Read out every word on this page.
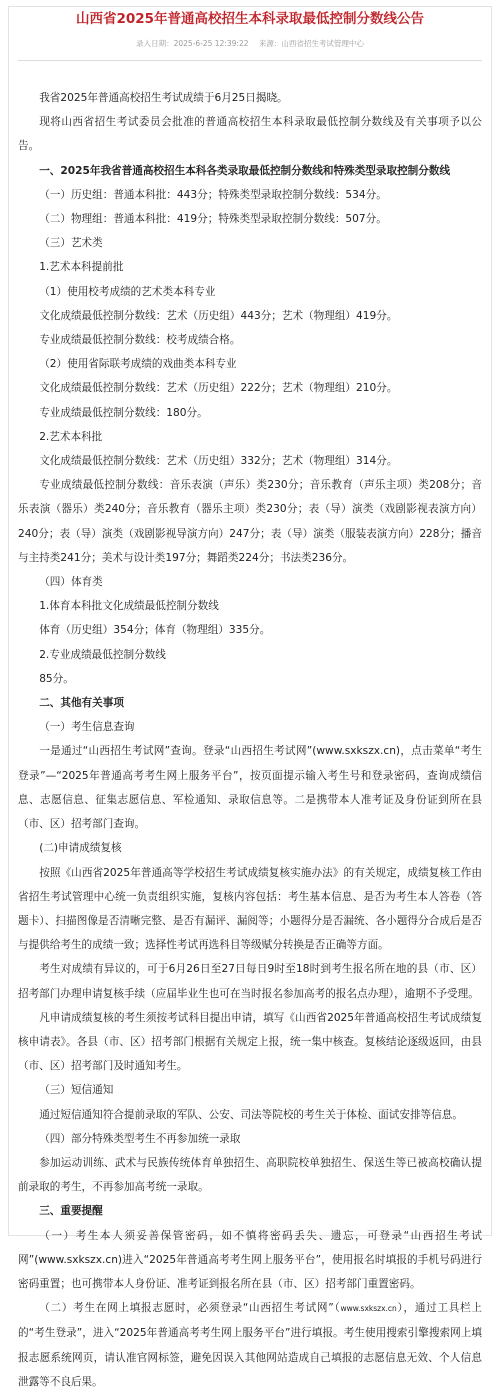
山西省2025年普通高校招生本科录取最低控制分数线公告
录入日期：2025-6-25 12:39:22 来源：山西省招生考试管理中心
我省2025年普通高校招生考试成绩于6月25日揭晓。
现将山西省招生考试委员会批准的普通高校招生本科录取最低控制分数线及有关事项予以公告。
一、2025年我省普通高校招生本科各类录取最低控制分数线和特殊类型录取控制分数线
（一）历史组：普通本科批：443分；特殊类型录取控制分数线：534分。
（二）物理组：普通本科批：419分；特殊类型录取控制分数线：507分。
（三）艺术类
1.艺术本科提前批
（1）使用校考成绩的艺术类本科专业
文化成绩最低控制分数线：艺术（历史组）443分；艺术（物理组）419分。
专业成绩最低控制分数线：校考成绩合格。
（2）使用省际联考成绩的戏曲类本科专业
文化成绩最低控制分数线：艺术（历史组）222分；艺术（物理组）210分。
专业成绩最低控制分数线：180分。
2.艺术本科批
文化成绩最低控制分数线：艺术（历史组）332分；艺术（物理组）314分。
专业成绩最低控制分数线：音乐表演（声乐）类230分；音乐教育（声乐主项）类208分；音乐表演（器乐）类240分；音乐教育（器乐主项）类230分；表（导）演类（戏剧影视表演方向）240分；表（导）演类（戏剧影视导演方向）247分；表（导）演类（服装表演方向）228分；播音与主持类241分；美术与设计类197分；舞蹈类224分；书法类236分。
（四）体育类
1.体育本科批文化成绩最低控制分数线
体育（历史组）354分；体育（物理组）335分。
2.专业成绩最低控制分数线
85分。
二、其他有关事项
（一）考生信息查询
一是通过“山西招生考试网”查询。登录“山西招生考试网”(www.sxkszx.cn)，点击菜单“考生登录”—“2025年普通高考考生网上服务平台”，按页面提示输入考生号和登录密码，查询成绩信息、志愿信息、征集志愿信息、军检通知、录取信息等。二是携带本人准考证及身份证到所在县（市、区）招考部门查询。
(二)申请成绩复核
按照《山西省2025年普通高等学校招生考试成绩复核实施办法》的有关规定，成绩复核工作由省招生考试管理中心统一负责组织实施，复核内容包括：考生基本信息、是否为考生本人答卷（答题卡）、扫描图像是否清晰完整、是否有漏评、漏阅等；小题得分是否漏统、各小题得分合成后是否与提供给考生的成绩一致；选择性考试再选科目等级赋分转换是否正确等方面。
考生对成绩有异议的，可于6月26日至27日每日9时至18时到考生报名所在地的县（市、区）招考部门办理申请复核手续（应届毕业生也可在当时报名参加高考的报名点办理），逾期不予受理。
凡申请成绩复核的考生须按考试科目提出申请，填写《山西省2025年普通高校招生考试成绩复核申请表》。各县（市、区）招考部门根据有关规定上报，统一集中核查。复核结论逐级返回，由县（市、区）招考部门及时通知考生。
（三）短信通知
通过短信通知符合提前录取的军队、公安、司法等院校的考生关于体检、面试安排等信息。
（四）部分特殊类型考生不再参加统一录取
参加运动训练、武术与民族传统体育单独招生、高职院校单独招生、保送生等已被高校确认提前录取的考生，不再参加高考统一录取。
三、重要提醒
（一）考生本人须妥善保管密码，如不慎将密码丢失、遗忘，可登录“山西招生考试网”(www.sxkszx.cn)进入“2025年普通高考考生网上服务平台”，使用报名时填报的手机号码进行密码重置；也可携带本人身份证、准考证到报名所在县（市、区）招考部门重置密码。
（二）考生在网上填报志愿时，必须登录“山西招生考试网”（www.sxkszx.cn），通过工具栏上的“考生登录”，进入“2025年普通高考考生网上服务平台”进行填报。考生使用搜索引擎搜索网上填报志愿系统网页，请认准官网标签，避免因误入其他网站造成自己填报的志愿信息无效、个人信息泄露等不良后果。
